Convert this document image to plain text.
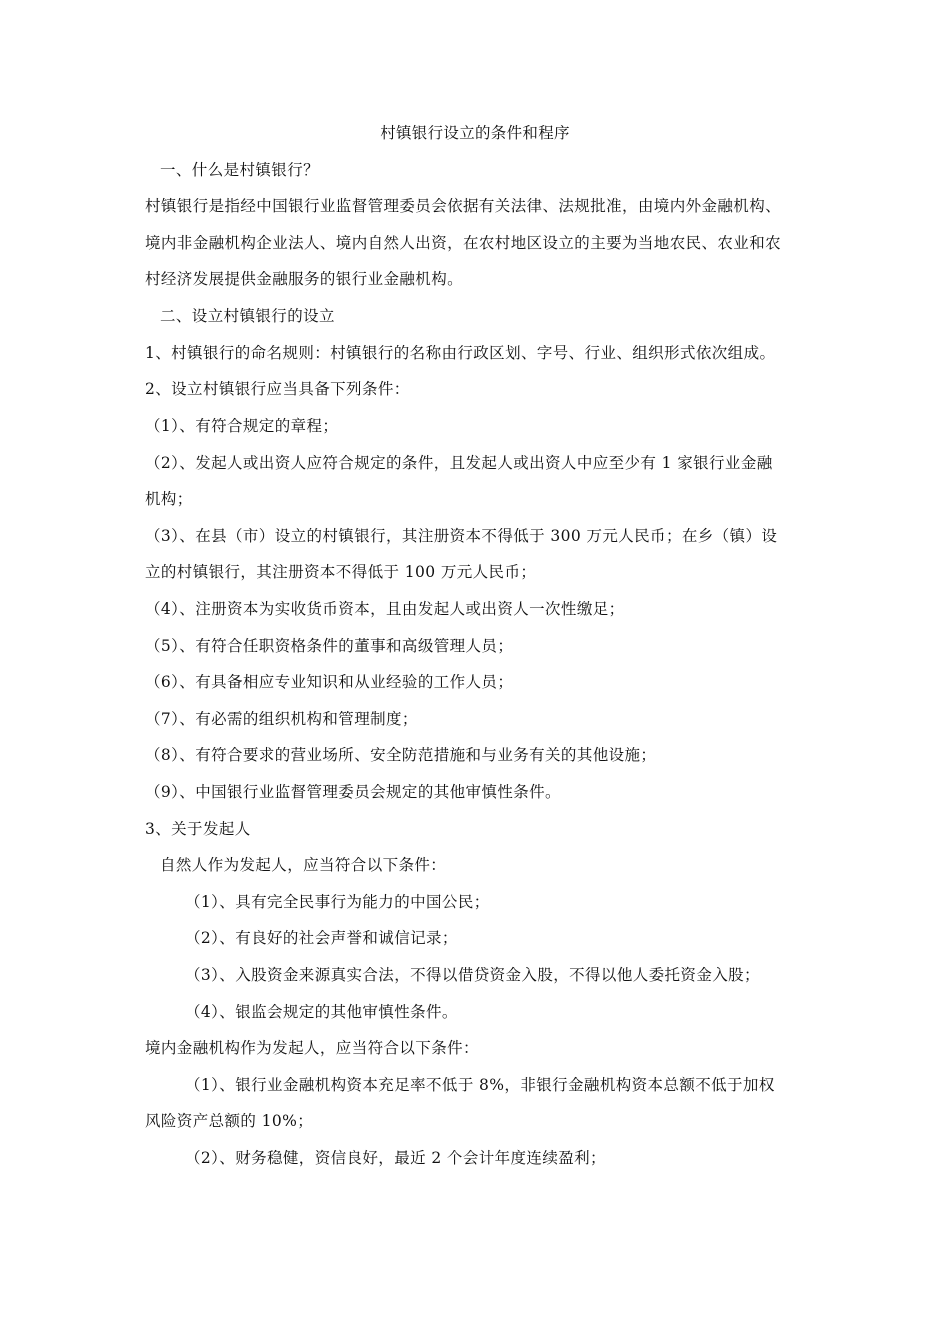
村镇银行设立的条件和程序
一、什么是村镇银行？
村镇银行是指经中国银行业监督管理委员会依据有关法律、法规批准，由境内外金融机构、
境内非金融机构企业法人、境内自然人出资，在农村地区设立的主要为当地农民、农业和农
村经济发展提供金融服务的银行业金融机构。
二、设立村镇银行的设立
1、村镇银行的命名规则：村镇银行的名称由行政区划、字号、行业、组织形式依次组成。
2、设立村镇银行应当具备下列条件：
（1）、有符合规定的章程；
（2）、发起人或出资人应符合规定的条件，且发起人或出资人中应至少有 1 家银行业金融
机构；
（3）、在县（市）设立的村镇银行，其注册资本不得低于 300 万元人民币；在乡（镇）设
立的村镇银行，其注册资本不得低于 100 万元人民币；
（4）、注册资本为实收货币资本，且由发起人或出资人一次性缴足；
（5）、有符合任职资格条件的董事和高级管理人员；
（6）、有具备相应专业知识和从业经验的工作人员；
（7）、有必需的组织机构和管理制度；
（8）、有符合要求的营业场所、安全防范措施和与业务有关的其他设施；
（9）、中国银行业监督管理委员会规定的其他审慎性条件。
3、关于发起人
自然人作为发起人，应当符合以下条件：
（1）、具有完全民事行为能力的中国公民；
（2）、有良好的社会声誉和诚信记录；
（3）、入股资金来源真实合法，不得以借贷资金入股，不得以他人委托资金入股；
（4）、银监会规定的其他审慎性条件。
境内金融机构作为发起人，应当符合以下条件：
（1）、银行业金融机构资本充足率不低于 8%，非银行金融机构资本总额不低于加权
风险资产总额的 10%；
（2）、财务稳健，资信良好，最近 2 个会计年度连续盈利；
